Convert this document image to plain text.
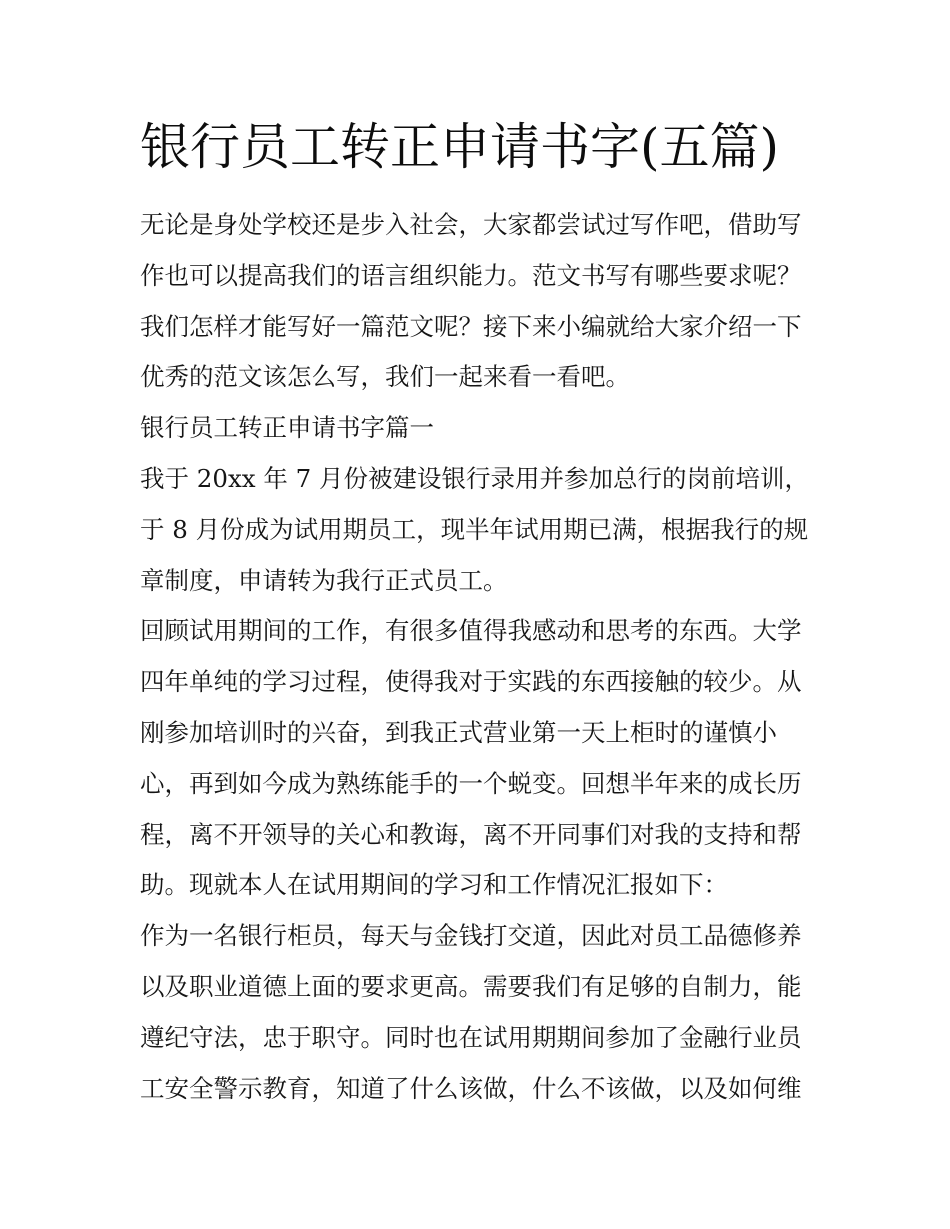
银行员工转正申请书字(五篇)

无论是身处学校还是步入社会，大家都尝试过写作吧，借助写
作也可以提高我们的语言组织能力。范文书写有哪些要求呢？
我们怎样才能写好一篇范文呢？接下来小编就给大家介绍一下
优秀的范文该怎么写，我们一起来看一看吧。

银行员工转正申请书字篇一

我于 20xx 年 7 月份被建设银行录用并参加总行的岗前培训，
于 8 月份成为试用期员工，现半年试用期已满，根据我行的规
章制度，申请转为我行正式员工。

回顾试用期间的工作，有很多值得我感动和思考的东西。大学
四年单纯的学习过程，使得我对于实践的东西接触的较少。从
刚参加培训时的兴奋，到我正式营业第一天上柜时的谨慎小
心，再到如今成为熟练能手的一个蜕变。回想半年来的成长历
程，离不开领导的关心和教诲，离不开同事们对我的支持和帮
助。现就本人在试用期间的学习和工作情况汇报如下：

作为一名银行柜员，每天与金钱打交道，因此对员工品德修养
以及职业道德上面的要求更高。需要我们有足够的自制力，能
遵纪守法，忠于职守。同时也在试用期期间参加了金融行业员
工安全警示教育，知道了什么该做，什么不该做，以及如何维
